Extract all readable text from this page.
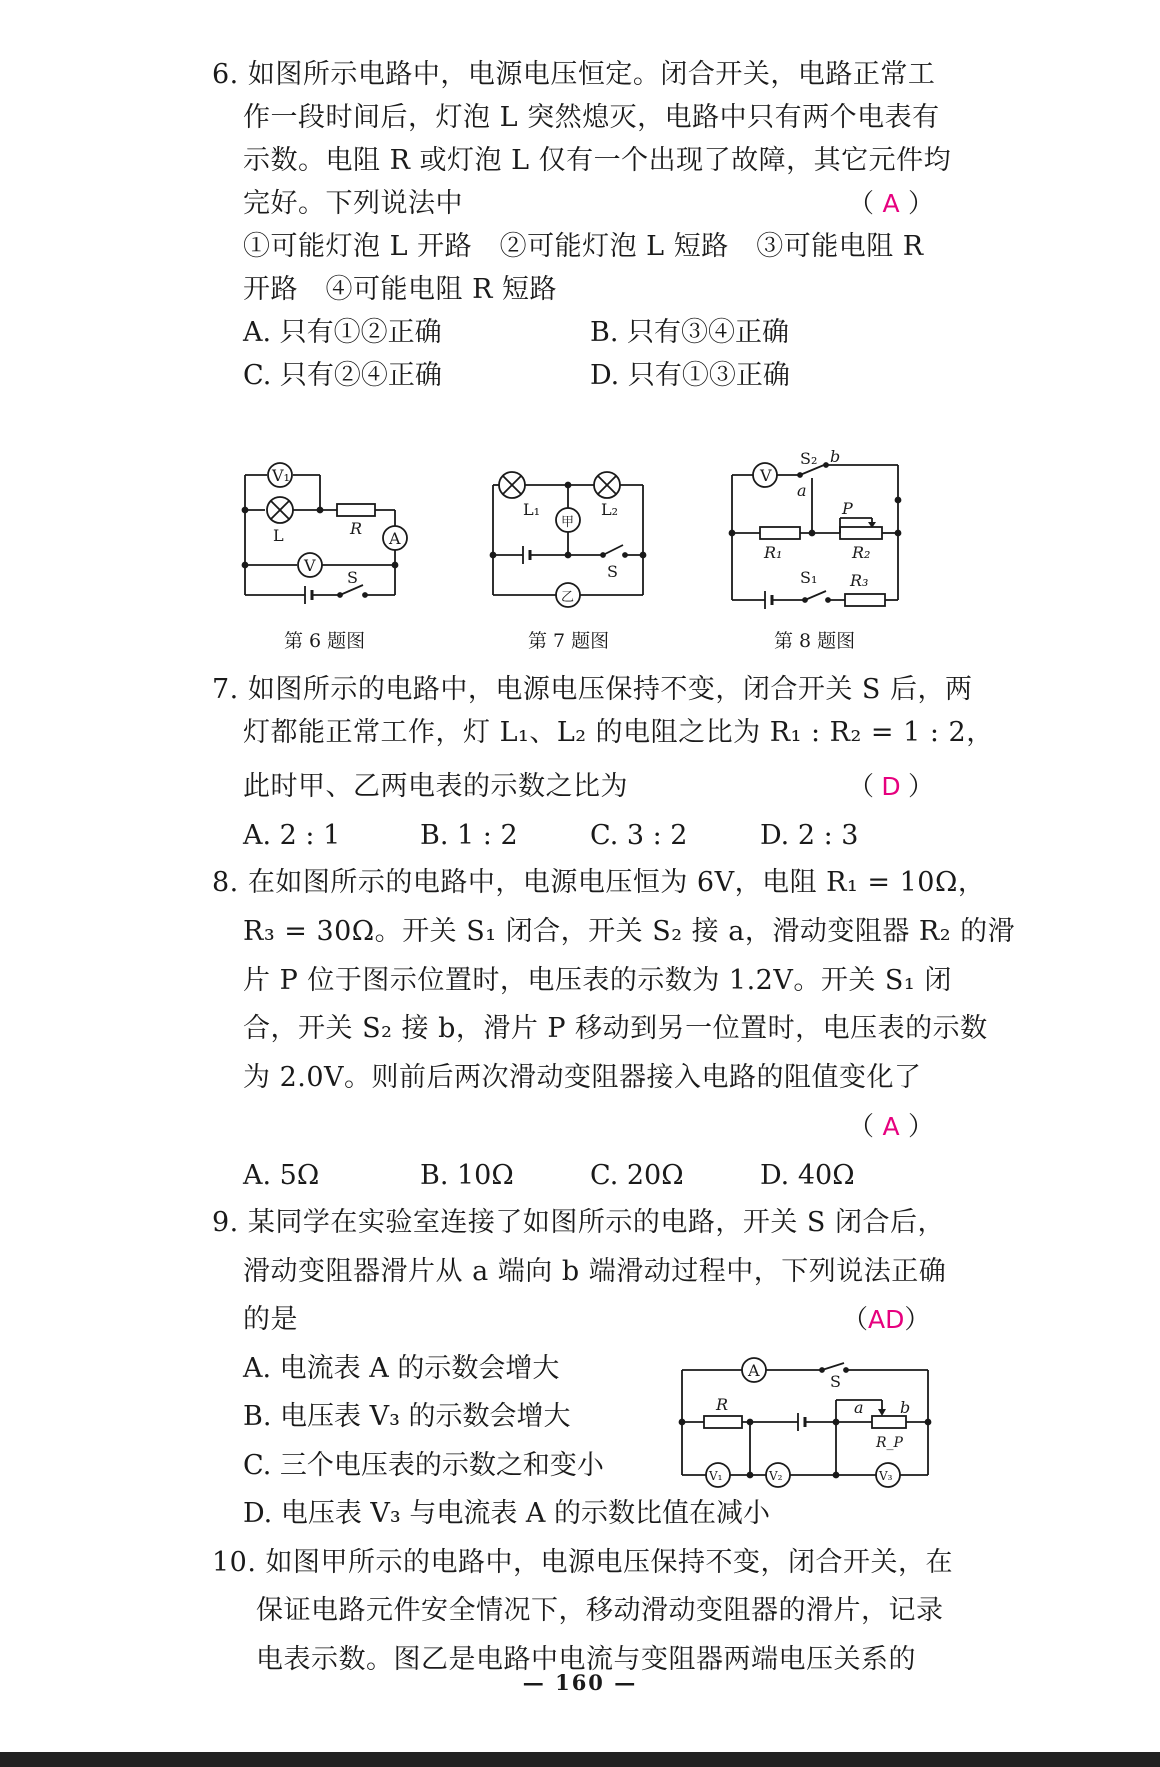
6. 如图所示电路中，电源电压恒定。闭合开关，电路正常工
作一段时间后，灯泡 L 突然熄灭，电路中只有两个电表有
示数。电阻 R 或灯泡 L 仅有一个出现了故障，其它元件均
完好。下列说法中	（ A ）
①可能灯泡 L 开路　②可能灯泡 L 短路　③可能电阻 R
开路　④可能电阻 R 短路
A. 只有①②正确	B. 只有③④正确
C. 只有②④正确	D. 只有①③正确
V₁
L	R
A
V
S
第 6 题图
L₁	L₂
甲
乙
S
第 7 题图
V
S₂ b
a
P
R₁	R₂
S₁ R₃
第 8 题图
7. 如图所示的电路中，电源电压保持不变，闭合开关 S 后，两
灯都能正常工作，灯 L₁、L₂ 的电阻之比为 R₁ : R₂ = 1 : 2，
此时甲、乙两电表的示数之比为	（ D ）
A. 2 : 1	B. 1 : 2	C. 3 : 2	D. 2 : 3
8. 在如图所示的电路中，电源电压恒为 6V，电阻 R₁ = 10Ω，
R₃ = 30Ω。开关 S₁ 闭合，开关 S₂ 接 a，滑动变阻器 R₂ 的滑
片 P 位于图示位置时，电压表的示数为 1.2V。开关 S₁ 闭
合，开关 S₂ 接 b，滑片 P 移动到另一位置时，电压表的示数
为 2.0V。则前后两次滑动变阻器接入电路的阻值变化了
（ A ）
A. 5Ω	B. 10Ω	C. 20Ω	D. 40Ω
9. 某同学在实验室连接了如图所示的电路，开关 S 闭合后，
滑动变阻器滑片从 a 端向 b 端滑动过程中，下列说法正确
的是	（AD）
A. 电流表 A 的示数会增大
B. 电压表 V₃ 的示数会增大
C. 三个电压表的示数之和变小
D. 电压表 V₃ 与电流表 A 的示数比值在减小
A
S
R	a b
R_P
V₁	V₂	V₃
10. 如图甲所示的电路中，电源电压保持不变，闭合开关，在
保证电路元件安全情况下，移动滑动变阻器的滑片，记录
电表示数。图乙是电路中电流与变阻器两端电压关系的
— 160 —
